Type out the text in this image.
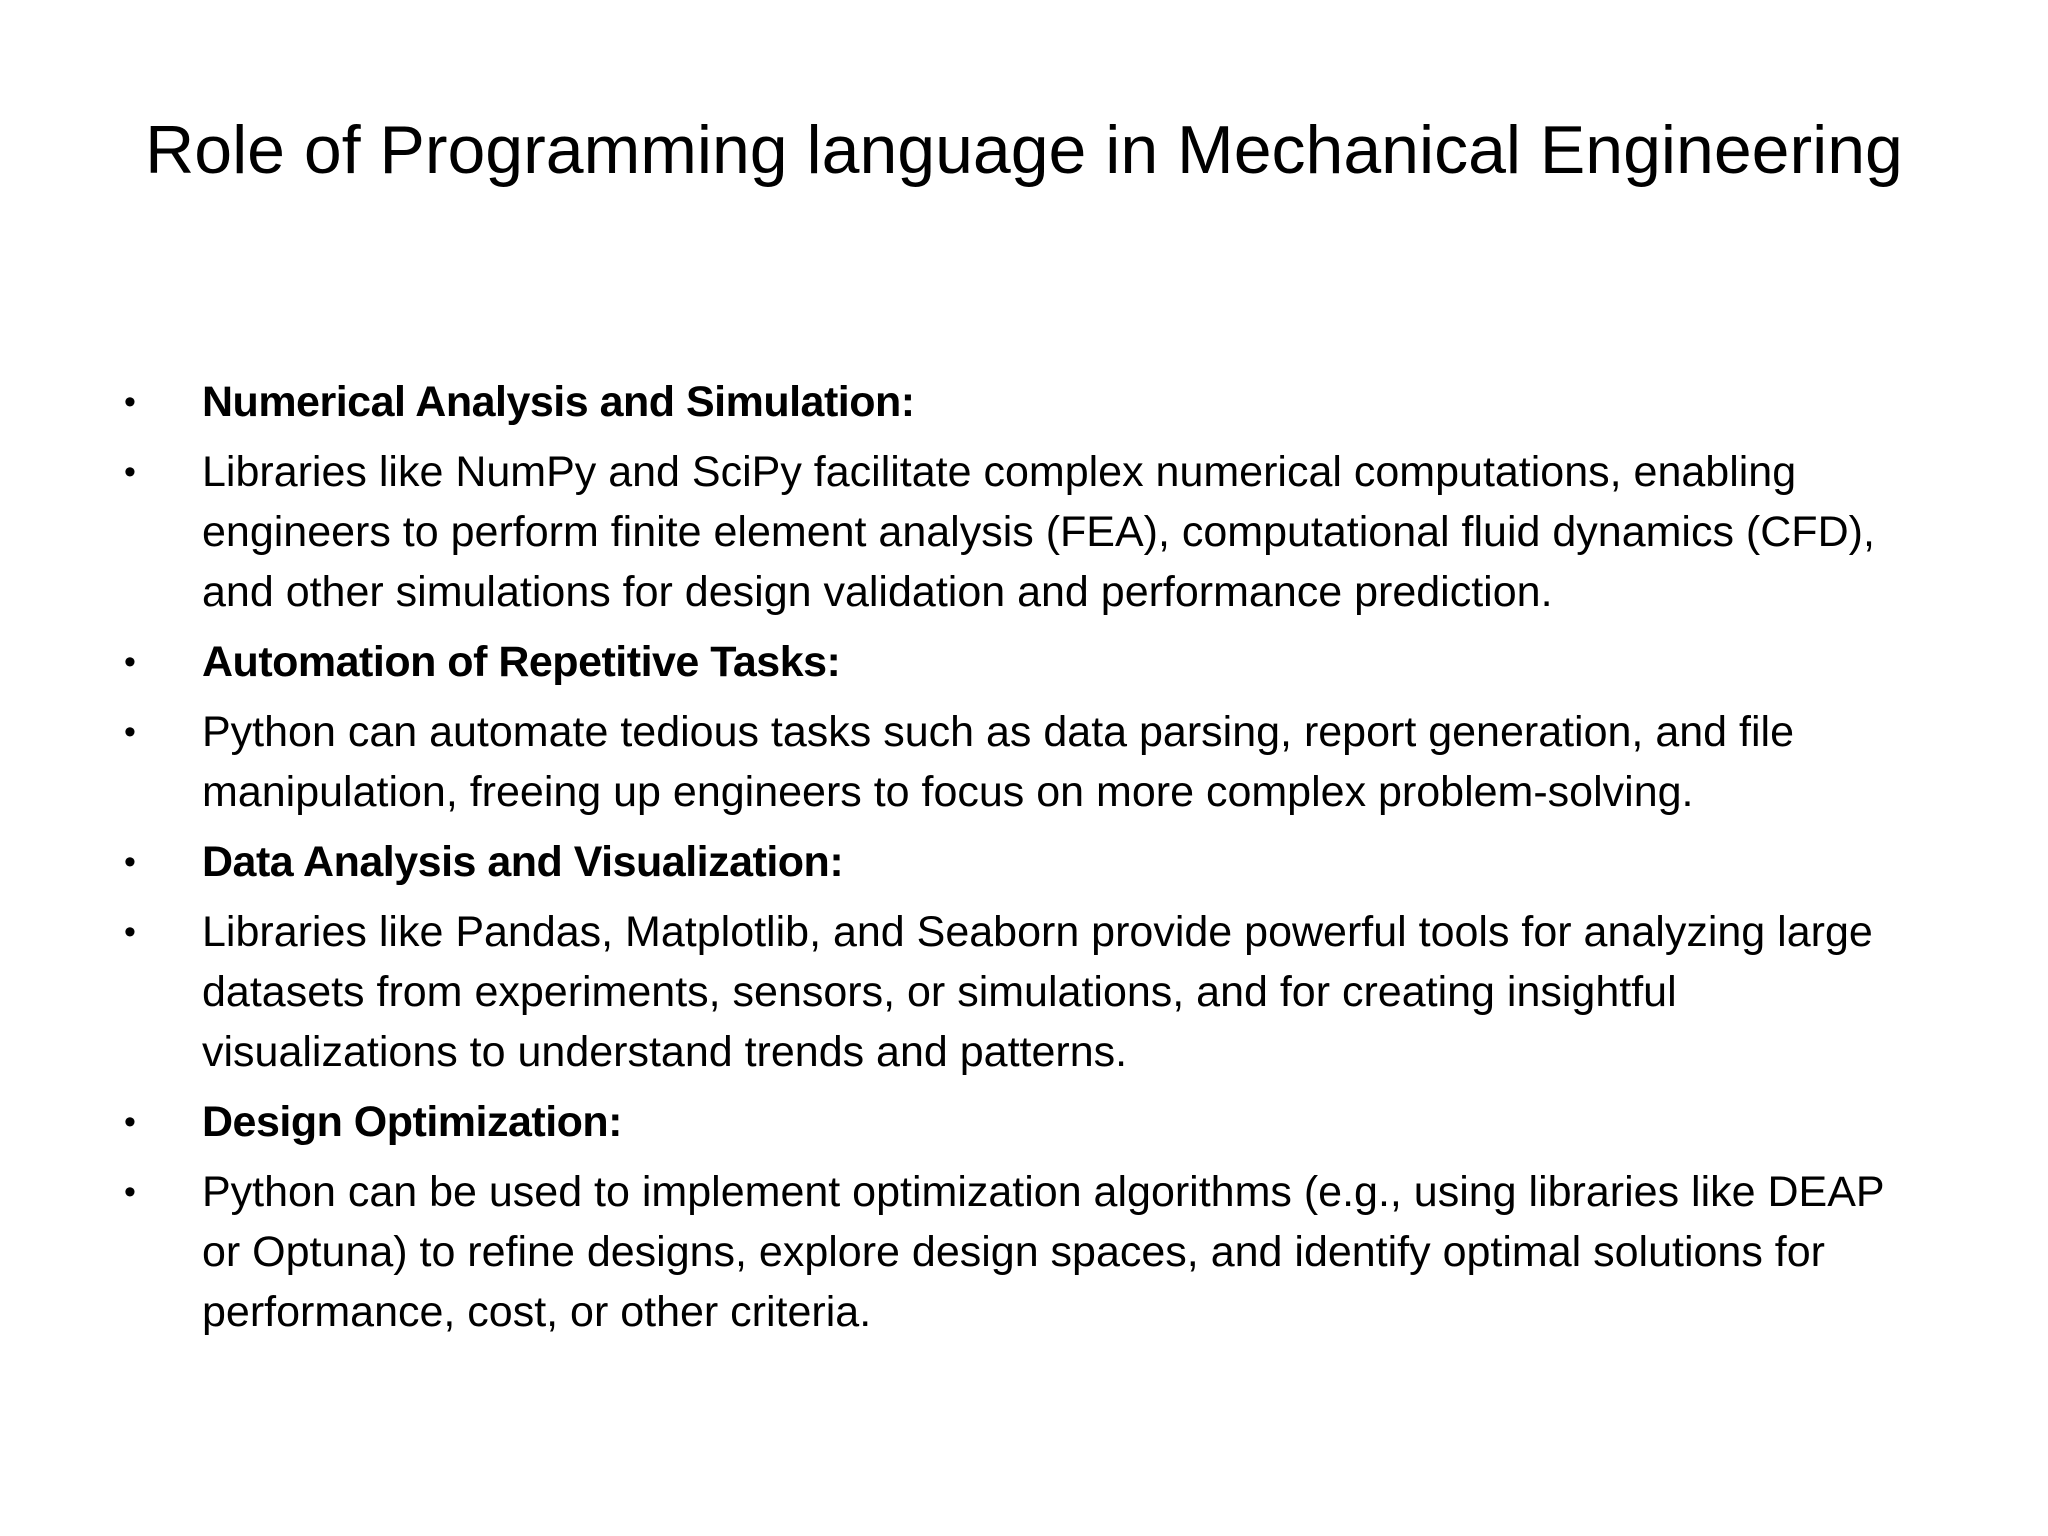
Role of Programming language in Mechanical Engineering
• Numerical Analysis and Simulation:
• Libraries like NumPy and SciPy facilitate complex numerical computations, enabling engineers to perform finite element analysis (FEA), computational fluid dynamics (CFD), and other simulations for design validation and performance prediction.
• Automation of Repetitive Tasks:
• Python can automate tedious tasks such as data parsing, report generation, and file manipulation, freeing up engineers to focus on more complex problem-solving.
• Data Analysis and Visualization:
• Libraries like Pandas, Matplotlib, and Seaborn provide powerful tools for analyzing large datasets from experiments, sensors, or simulations, and for creating insightful visualizations to understand trends and patterns.
• Design Optimization:
• Python can be used to implement optimization algorithms (e.g., using libraries like DEAP or Optuna) to refine designs, explore design spaces, and identify optimal solutions for performance, cost, or other criteria.
